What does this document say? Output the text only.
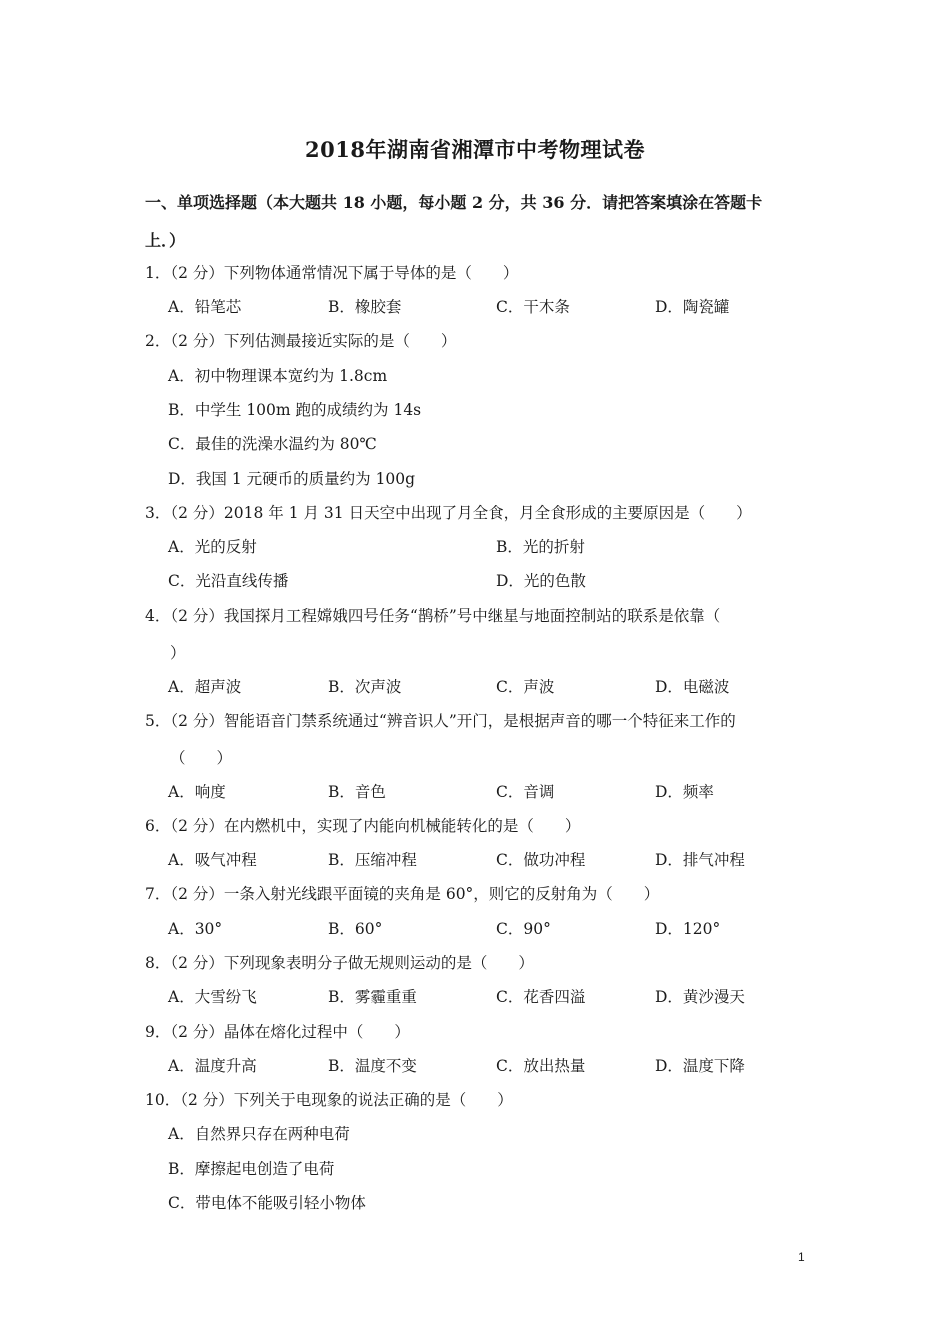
2018年湖南省湘潭市中考物理试卷
一、单项选择题（本大题共 18 小题，每小题 2 分，共 36 分．请把答案填涂在答题卡
上．）
1．（2 分）下列物体通常情况下属于导体的是（　　）
A．铅笔芯	B．橡胶套	C．干木条	D．陶瓷罐
2．（2 分）下列估测最接近实际的是（　　）
A．初中物理课本宽约为 1.8cm
B．中学生 100m 跑的成绩约为 14s
C．最佳的洗澡水温约为 80℃
D．我国 1 元硬币的质量约为 100g
3．（2 分）2018 年 1 月 31 日天空中出现了月全食，月全食形成的主要原因是（　　）
A．光的反射	B．光的折射
C．光沿直线传播	D．光的色散
4．（2 分）我国探月工程嫦娥四号任务“鹊桥”号中继星与地面控制站的联系是依靠（
）
A．超声波	B．次声波	C．声波	D．电磁波
5．（2 分）智能语音门禁系统通过“辨音识人”开门，是根据声音的哪一个特征来工作的
（　　）
A．响度	B．音色	C．音调	D．频率
6．（2 分）在内燃机中，实现了内能向机械能转化的是（　　）
A．吸气冲程	B．压缩冲程	C．做功冲程	D．排气冲程
7．（2 分）一条入射光线跟平面镜的夹角是 60°，则它的反射角为（　　）
A．30°	B．60°	C．90°	D．120°
8．（2 分）下列现象表明分子做无规则运动的是（　　）
A．大雪纷飞	B．雾霾重重	C．花香四溢	D．黄沙漫天
9．（2 分）晶体在熔化过程中（　　）
A．温度升高	B．温度不变	C．放出热量	D．温度下降
10．（2 分）下列关于电现象的说法正确的是（　　）
A．自然界只存在两种电荷
B．摩擦起电创造了电荷
C．带电体不能吸引轻小物体
1
